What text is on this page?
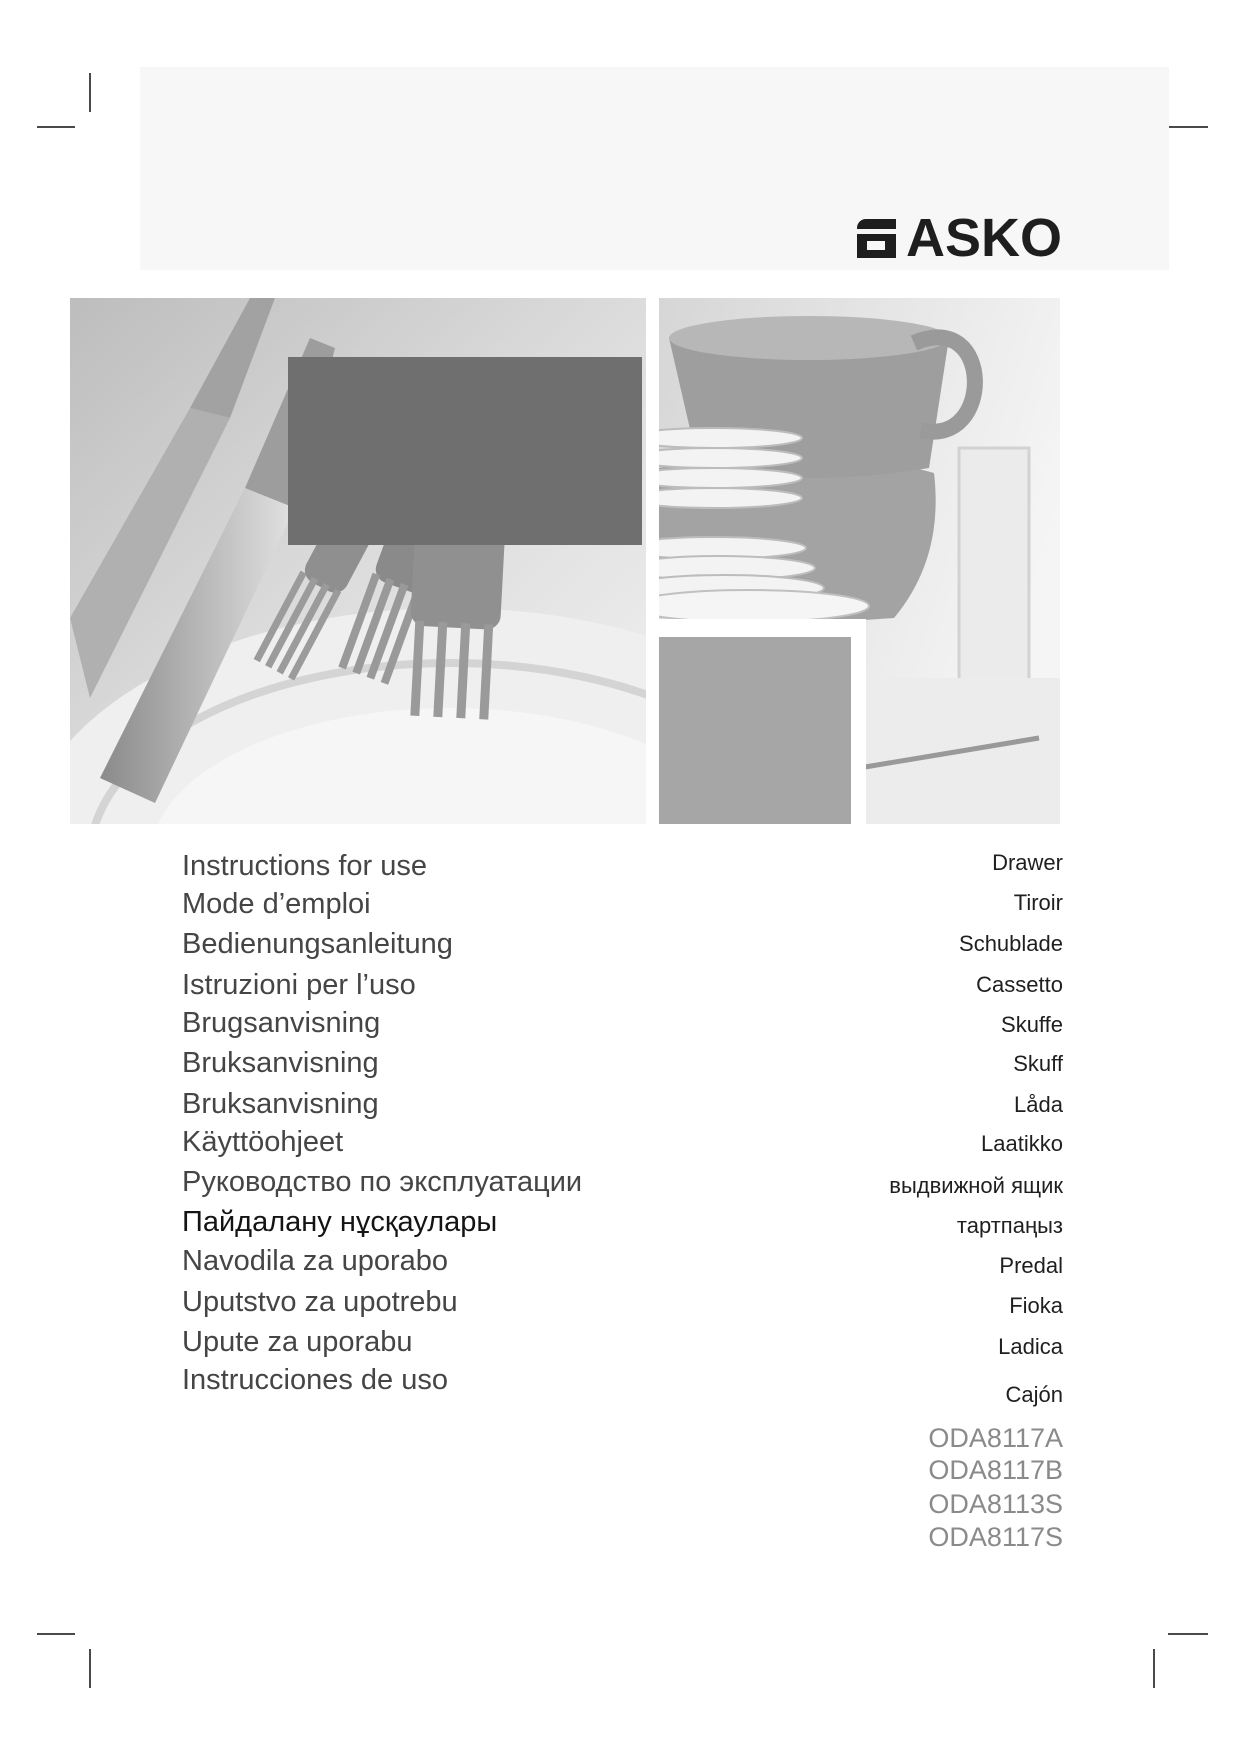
ASKO
Instructions for use
Mode d’emploi
Bedienungsanleitung
Istruzioni per l’uso
Brugsanvisning
Bruksanvisning
Bruksanvisning
Käyttöohjeet
Руководство по эксплуатации
Пайдалану нұсқаулары
Navodila za uporabo
Uputstvo za upotrebu
Upute za uporabu
Instrucciones de uso
Drawer
Tiroir
Schublade
Cassetto
Skuffe
Skuff
Låda
Laatikko
выдвижной ящик
тартпаңыз
Predal
Fioka
Ladica
Cajón
ODA8117A
ODA8117B
ODA8113S
ODA8117S
